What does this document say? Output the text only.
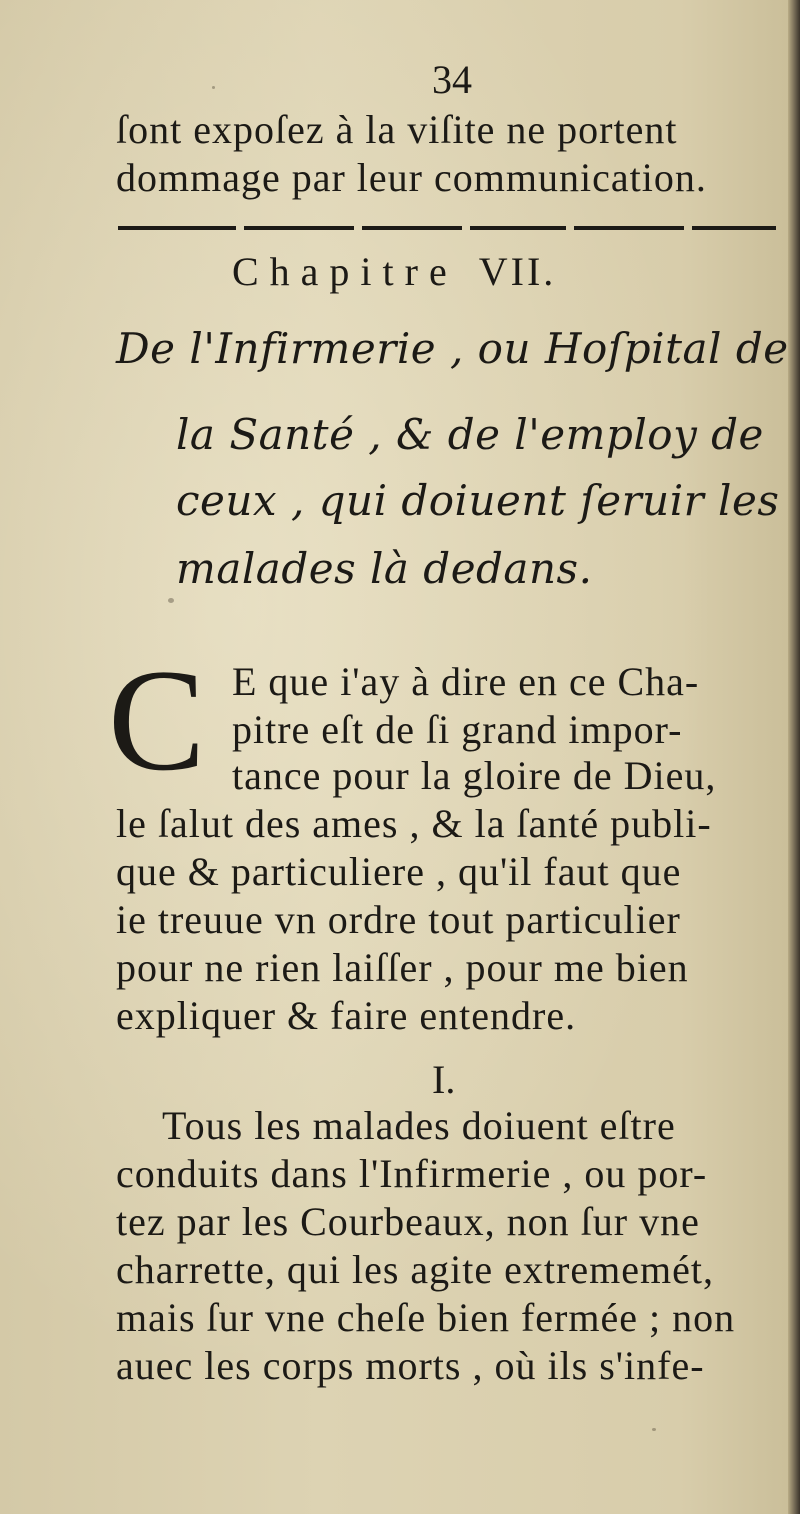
34
ſont expoſez à la viſite ne portent
dommage par leur communication.
Chapitre VII.
De l'Infirmerie , ou Hoſpital de
la Santé , & de l'employ de
ceux , qui doiuent ſeruir les
malades là dedans.
C E que i'ay à dire en ce Cha-
pitre eſt de ſi grand impor-
tance pour la gloire de Dieu,
le ſalut des ames , & la ſanté publi-
que & particuliere , qu'il faut que
ie treuue vn ordre tout particulier
pour ne rien laiſſer , pour me bien
expliquer & faire entendre.
I.
Tous les malades doiuent eſtre
conduits dans l'Infirmerie , ou por-
tez par les Courbeaux, non ſur vne
charrette, qui les agite extrememét,
mais ſur vne cheſe bien fermée ; non
auec les corps morts , où ils s'infe-
